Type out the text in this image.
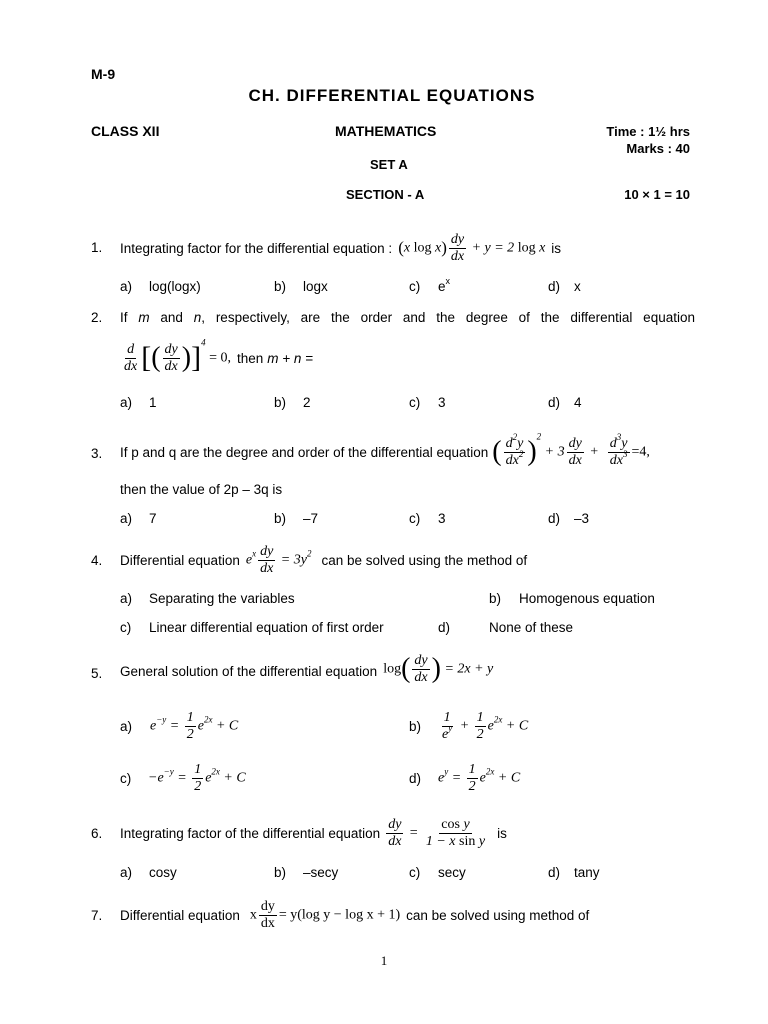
M-9
CH. DIFFERENTIAL EQUATIONS
CLASS XII	MATHEMATICS	Time : 1½ hrs
Marks : 40
SET A
SECTION - A	10 × 1 = 10
1. Integrating factor for the differential equation : (x $\log x) \frac{dy}{dx} + y = 2$ log x is
a) log(logx)	b) logx	c) $e^x$	d) x
2. If m and n, respectively, are the order and the degree of the differential equation
$\frac{d}{dx}$ [( $\frac{dy}{dx} )]^4 = 0$, then m + n =
a) 1	b) 2	c) 3	d) 4
3. If p and q are the degree and order of the differential equation ( $\frac{d^2y}{dx^2} )^2 + 3 \frac{dy}{dx} + \frac{d^3y}{dx^3} =4$,
then the value of 2p – 3q is
a) 7	b) –7	c) 3	d) –3
4. Differential equation $e^x \frac{dy}{dx} = 3y^2$ can be solved using the method of
a) Separating the variables	b) Homogenous equation
c) Linear differential equation of first order	d)	None of these
5. General solution of the differential equation $\log( \frac{dy}{dx}$ ) = 2x + y
a) $e^{-y} = \frac{1}{2} e^{2x} + C$	$b) \frac{1}{e^y} + \frac{1}{2} e^{2x} + C$
$c) -e^{-y} = \frac{1}{2} e^{2x} + C$	d) $e^y = \frac{1}{2} e^{2x} + C$
6. Integrating factor of the differential equation $\frac{dy}{dx} = \frac{\text{cos y}}{\text{1 − x sin y}}$ is
a) cosy	b) –secy	c) secy	d) tany
7. Differential equation x $\frac{dy}{dx} = y(\log$ y − log x + 1) can be solved using method of
1
